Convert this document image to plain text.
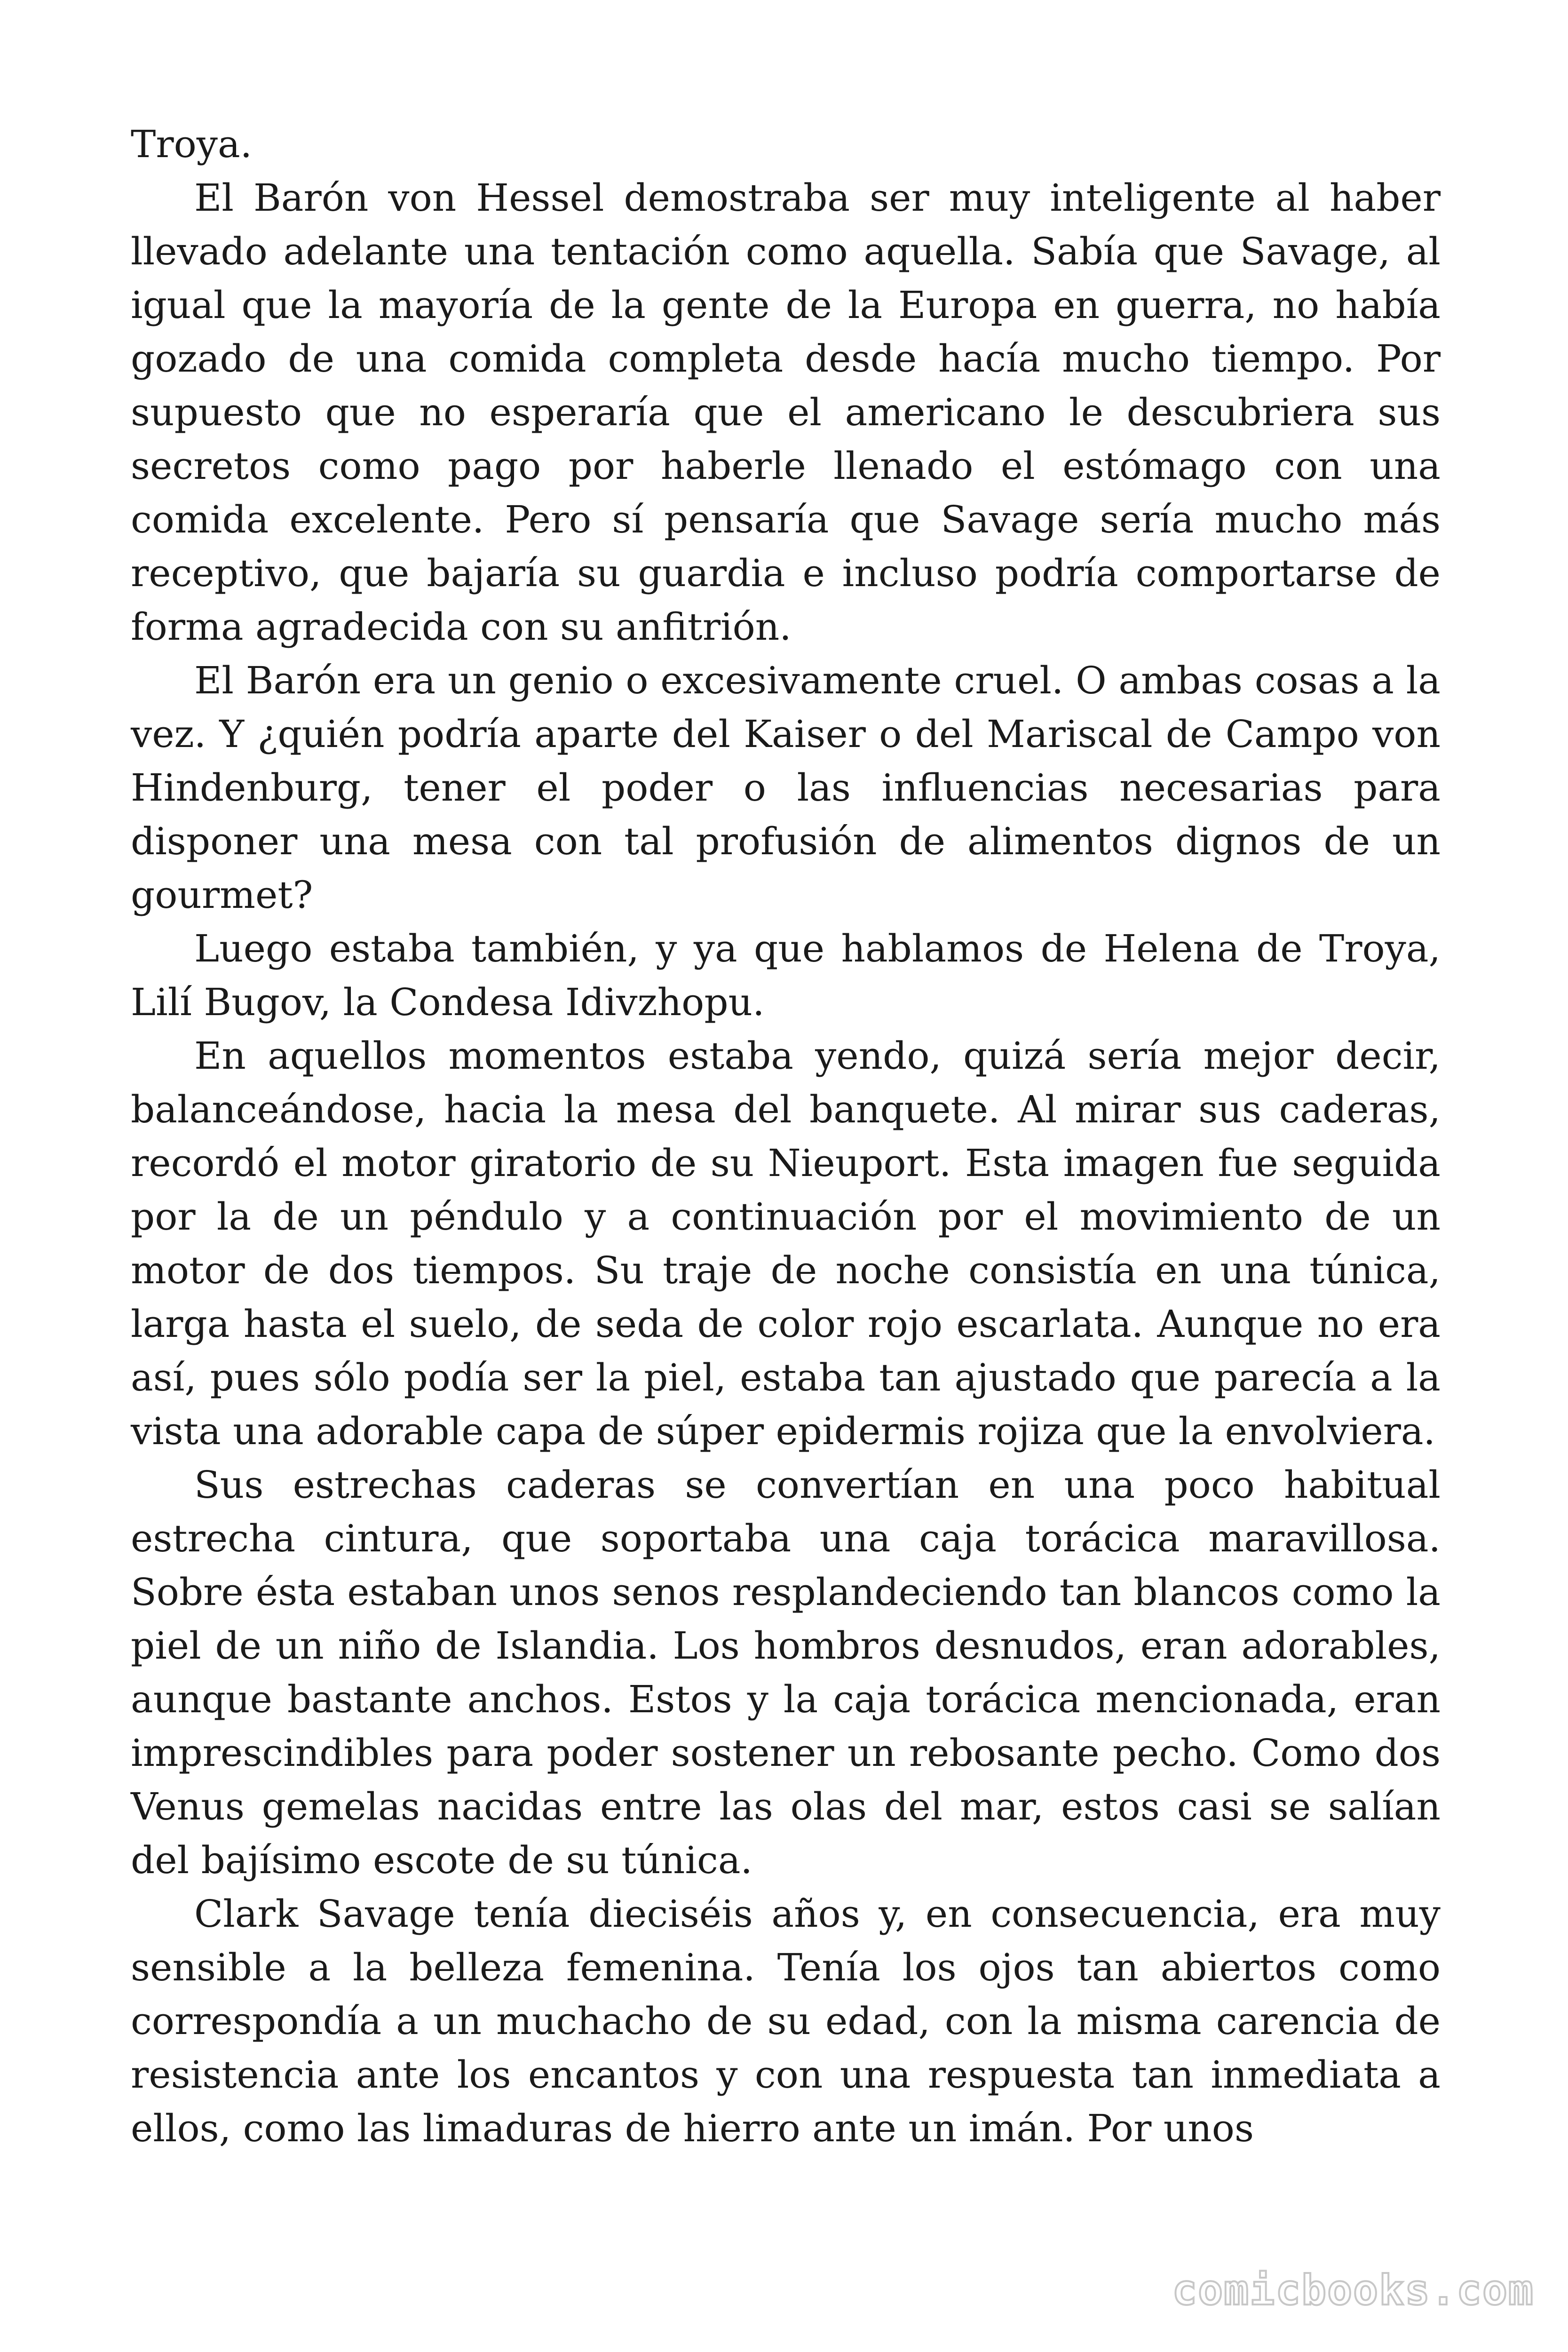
Troya.

El Barón von Hessel demostraba ser muy inteligente al haber llevado adelante una tentación como aquella. Sabía que Savage, al igual que la mayoría de la gente de la Europa en guerra, no había gozado de una comida completa desde hacía mucho tiempo. Por supuesto que no esperaría que el americano le descubriera sus secretos como pago por haberle llenado el estómago con una comida excelente. Pero sí pensaría que Savage sería mucho más receptivo, que bajaría su guardia e incluso podría comportarse de forma agradecida con su anfitrión.

El Barón era un genio o excesivamente cruel. O ambas cosas a la vez. Y ¿quién podría aparte del Kaiser o del Mariscal de Campo von Hindenburg, tener el poder o las influencias necesarias para disponer una mesa con tal profusión de alimentos dignos de un gourmet?

Luego estaba también, y ya que hablamos de Helena de Troya, Lilí Bugov, la Condesa Idivzhopu.

En aquellos momentos estaba yendo, quizá sería mejor decir, balanceándose, hacia la mesa del banquete. Al mirar sus caderas, recordó el motor giratorio de su Nieuport. Esta imagen fue seguida por la de un péndulo y a continuación por el movimiento de un motor de dos tiempos. Su traje de noche consistía en una túnica, larga hasta el suelo, de seda de color rojo escarlata. Aunque no era así, pues sólo podía ser la piel, estaba tan ajustado que parecía a la vista una adorable capa de súper epidermis rojiza que la envolviera.

Sus estrechas caderas se convertían en una poco habitual estrecha cintura, que soportaba una caja torácica maravillosa. Sobre ésta estaban unos senos resplandeciendo tan blancos como la piel de un niño de Islandia. Los hombros desnudos, eran adorables, aunque bastante anchos. Estos y la caja torácica mencionada, eran imprescindibles para poder sostener un rebosante pecho. Como dos Venus gemelas nacidas entre las olas del mar, estos casi se salían del bajísimo escote de su túnica.

Clark Savage tenía dieciséis años y, en consecuencia, era muy sensible a la belleza femenina. Tenía los ojos tan abiertos como correspondía a un muchacho de su edad, con la misma carencia de resistencia ante los encantos y con una respuesta tan inmediata a ellos, como las limaduras de hierro ante un imán. Por unos

comicbooks.com
